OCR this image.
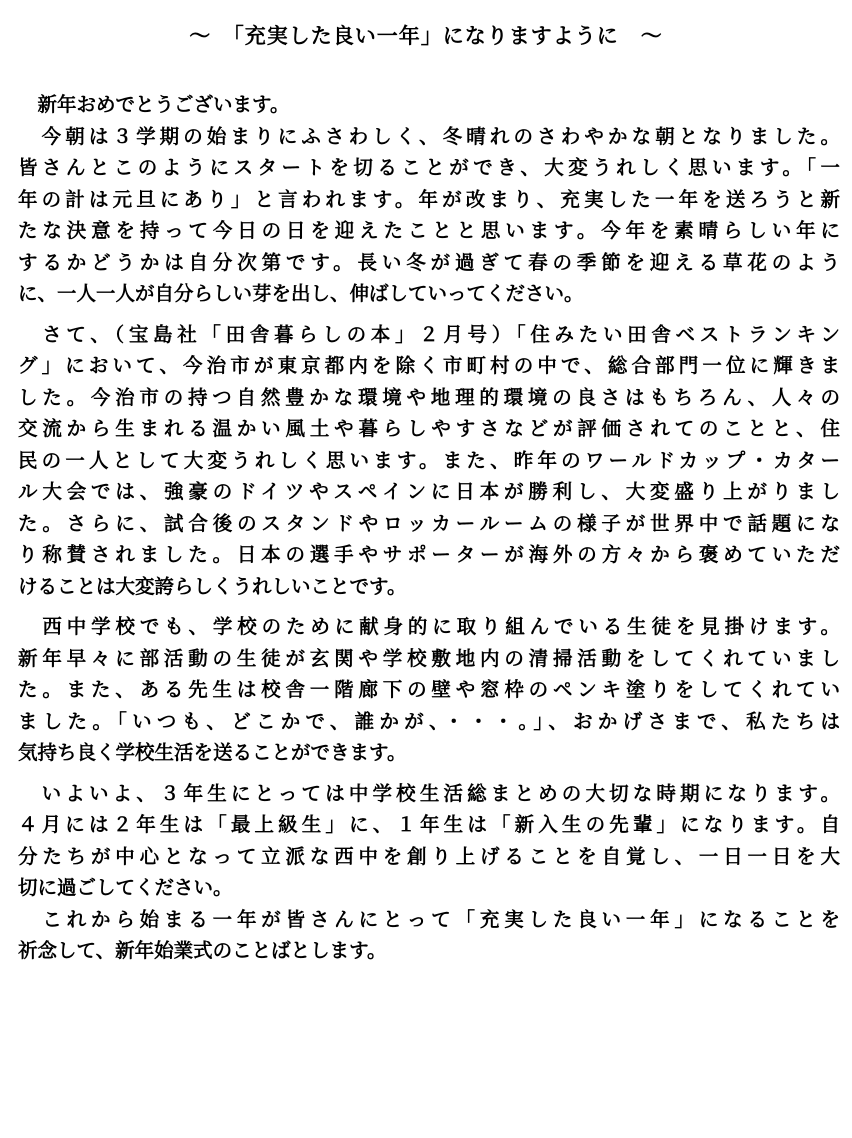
～　「充実した良い一年」になりますように　～

　新年おめでとうございます。

　今朝は３学期の始まりにふさわしく、冬晴れのさわやかな朝となりました。
皆さんとこのようにスタートを切ることができ、大変うれしく思います。「一
年の計は元旦にあり」と言われます。年が改まり、充実した一年を送ろうと新
たな決意を持って今日の日を迎えたことと思います。今年を素晴らしい年に
するかどうかは自分次第です。長い冬が過ぎて春の季節を迎える草花のよう
に、一人一人が自分らしい芽を出し、伸ばしていってください。

　さて、（宝島社「田舎暮らしの本」２月号）「住みたい田舎ベストランキン
グ」において、今治市が東京都内を除く市町村の中で、総合部門一位に輝きま
した。今治市の持つ自然豊かな環境や地理的環境の良さはもちろん、人々の
交流から生まれる温かい風土や暮らしやすさなどが評価されてのことと、住
民の一人として大変うれしく思います。また、昨年のワールドカップ・カター
ル大会では、強豪のドイツやスペインに日本が勝利し、大変盛り上がりまし
た。さらに、試合後のスタンドやロッカールームの様子が世界中で話題にな
り称賛されました。日本の選手やサポーターが海外の方々から褒めていただ
けることは大変誇らしくうれしいことです。

　西中学校でも、学校のために献身的に取り組んでいる生徒を見掛けます。
新年早々に部活動の生徒が玄関や学校敷地内の清掃活動をしてくれていまし
た。また、ある先生は校舎一階廊下の壁や窓枠のペンキ塗りをしてくれてい
ました。「いつも、どこかで、誰かが、・・・。」、おかげさまで、私たちは
気持ち良く学校生活を送ることができます。

　いよいよ、３年生にとっては中学校生活総まとめの大切な時期になります。
４月には２年生は「最上級生」に、１年生は「新入生の先輩」になります。自
分たちが中心となって立派な西中を創り上げることを自覚し、一日一日を大
切に過ごしてください。

　これから始まる一年が皆さんにとって「充実した良い一年」になることを
祈念して、新年始業式のことばとします。
